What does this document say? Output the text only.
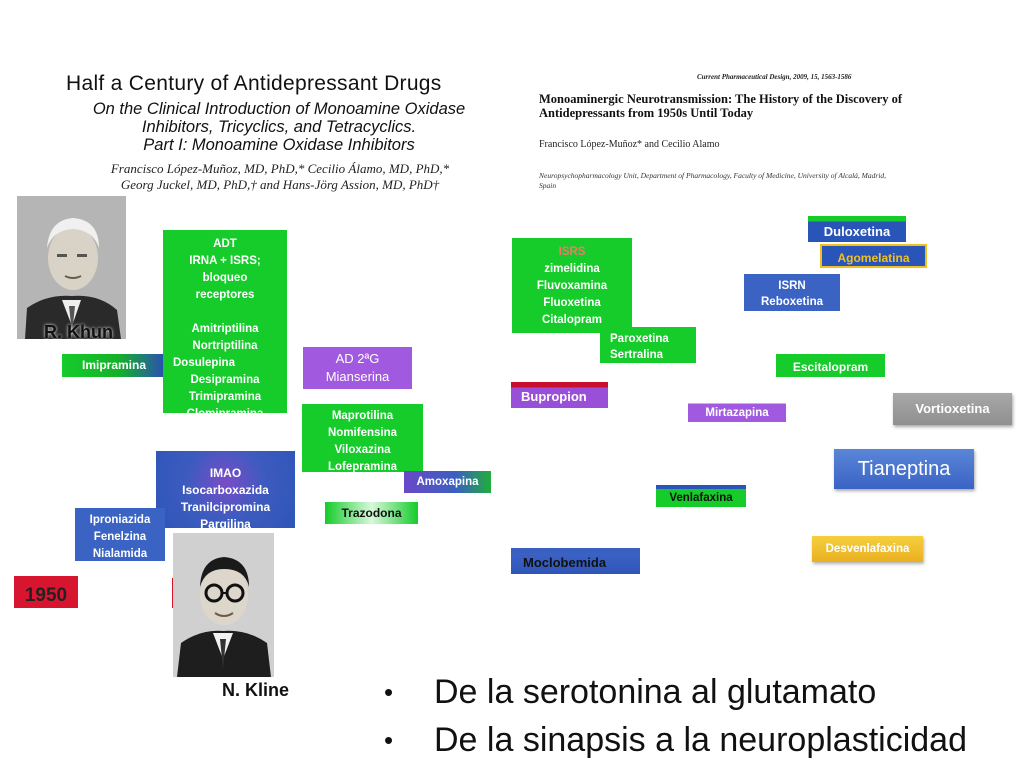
Half a Century of Antidepressant Drugs
On the Clinical Introduction of Monoamine Oxidase
Inhibitors, Tricyclics, and Tetracyclics.
Part I: Monoamine Oxidase Inhibitors
Francisco López-Muñoz, MD, PhD,* Cecilio Álamo, MD, PhD,*
Georg Juckel, MD, PhD,† and Hans-Jörg Assion, MD, PhD†
Current Pharmaceutical Design, 2009, 15, 1563-1586
Monoaminergic Neurotransmission: The History of the Discovery of
Antidepressants from 1950s Until Today
Francisco López-Muñoz* and Cecilio Alamo
Neuropsychopharmacology Unit, Department of Pharmacology, Faculty of Medicine, University of Alcalá, Madrid,
Spain
R. Khun
Imipramina
ADT
IRNA + ISRS;
bloqueo
receptores
Amitriptilina
Nortriptilina
Dosulepina
Desipramina
Trimipramina
Clomipramina
AD 2ªG
Mianserina
Maprotilina
Nomifensina
Viloxazina
Lofepramina
Amoxapina
Trazodona
IMAO
Isocarboxazida
Tranilcipromina
Pargilina
Iproniazida
Fenelzina
Nialamida
1950
N. Kline
ISRS
zimelidina
Fluvoxamina
Fluoxetina
Citalopram
Paroxetina
Sertralina
Bupropion
Moclobemida
Duloxetina
Agomelatina
ISRN
Reboxetina
Escitalopram
Mirtazapina	Vortioxetina
Tianeptina
Venlafaxina
Desvenlafaxina
• De la serotonina al glutamato
• De la sinapsis a la neuroplasticidad
